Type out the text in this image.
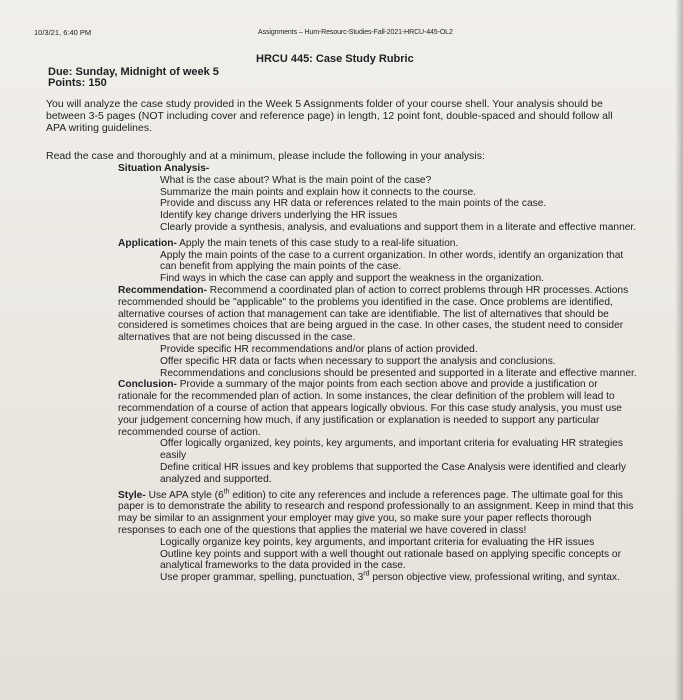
10/3/21, 6:40 PM	Assignments – Hum-Resourc-Studies-Fall-2021-HRCU-445-OL2
HRCU 445: Case Study Rubric
Due: Sunday, Midnight of week 5
Points: 150
You will analyze the case study provided in the Week 5 Assignments folder of your course shell. Your analysis should be between 3-5 pages (NOT including cover and reference page) in length, 12 point font, double-spaced and should follow all APA writing guidelines.
Read the case and thoroughly and at a minimum, please include the following in your analysis:

Situation Analysis-

What is the case about? What is the main point of the case?

Summarize the main points and explain how it connects to the course.

Provide and discuss any HR data or references related to the main points of the case.

Identify key change drivers underlying the HR issues

Clearly provide a synthesis, analysis, and evaluations and support them in a literate and effective manner.

Application- Apply the main tenets of this case study to a real-life situation.

Apply the main points of the case to a current organization. In other words, identify an organization that can benefit from applying the main points of the case.

Find ways in which the case can apply and support the weakness in the organization.

Recommendation- Recommend a coordinated plan of action to correct problems through HR processes. Actions recommended should be "applicable" to the problems you identified in the case. Once problems are identified, alternative courses of action that management can take are identifiable. The list of alternatives that should be considered is sometimes choices that are being argued in the case. In other cases, the student need to consider alternatives that are not being discussed in the case.

Provide specific HR recommendations and/or plans of action provided.

Offer specific HR data or facts when necessary to support the analysis and conclusions.

Recommendations and conclusions should be presented and supported in a literate and effective manner.

Conclusion- Provide a summary of the major points from each section above and provide a justification or rationale for the recommended plan of action. In some instances, the clear definition of the problem will lead to recommendation of a course of action that appears logically obvious. For this case study analysis, you must use your judgement concerning how much, if any justification or explanation is needed to support any particular recommended course of action.

Offer logically organized, key points, key arguments, and important criteria for evaluating HR strategies easily

Define critical HR issues and key problems that supported the Case Analysis were identified and clearly analyzed and supported.

Style- Use APA style (6th edition) to cite any references and include a references page. The ultimate goal for this paper is to demonstrate the ability to research and respond professionally to an assignment. Keep in mind that this may be similar to an assignment your employer may give you, so make sure your paper reflects thorough responses to each one of the questions that applies the material we have covered in class!

Logically organize key points, key arguments, and important criteria for evaluating the HR issues

Outline key points and support with a well thought out rationale based on applying specific concepts or analytical frameworks to the data provided in the case.

Use proper grammar, spelling, punctuation, 3rd person objective view, professional writing, and syntax.
